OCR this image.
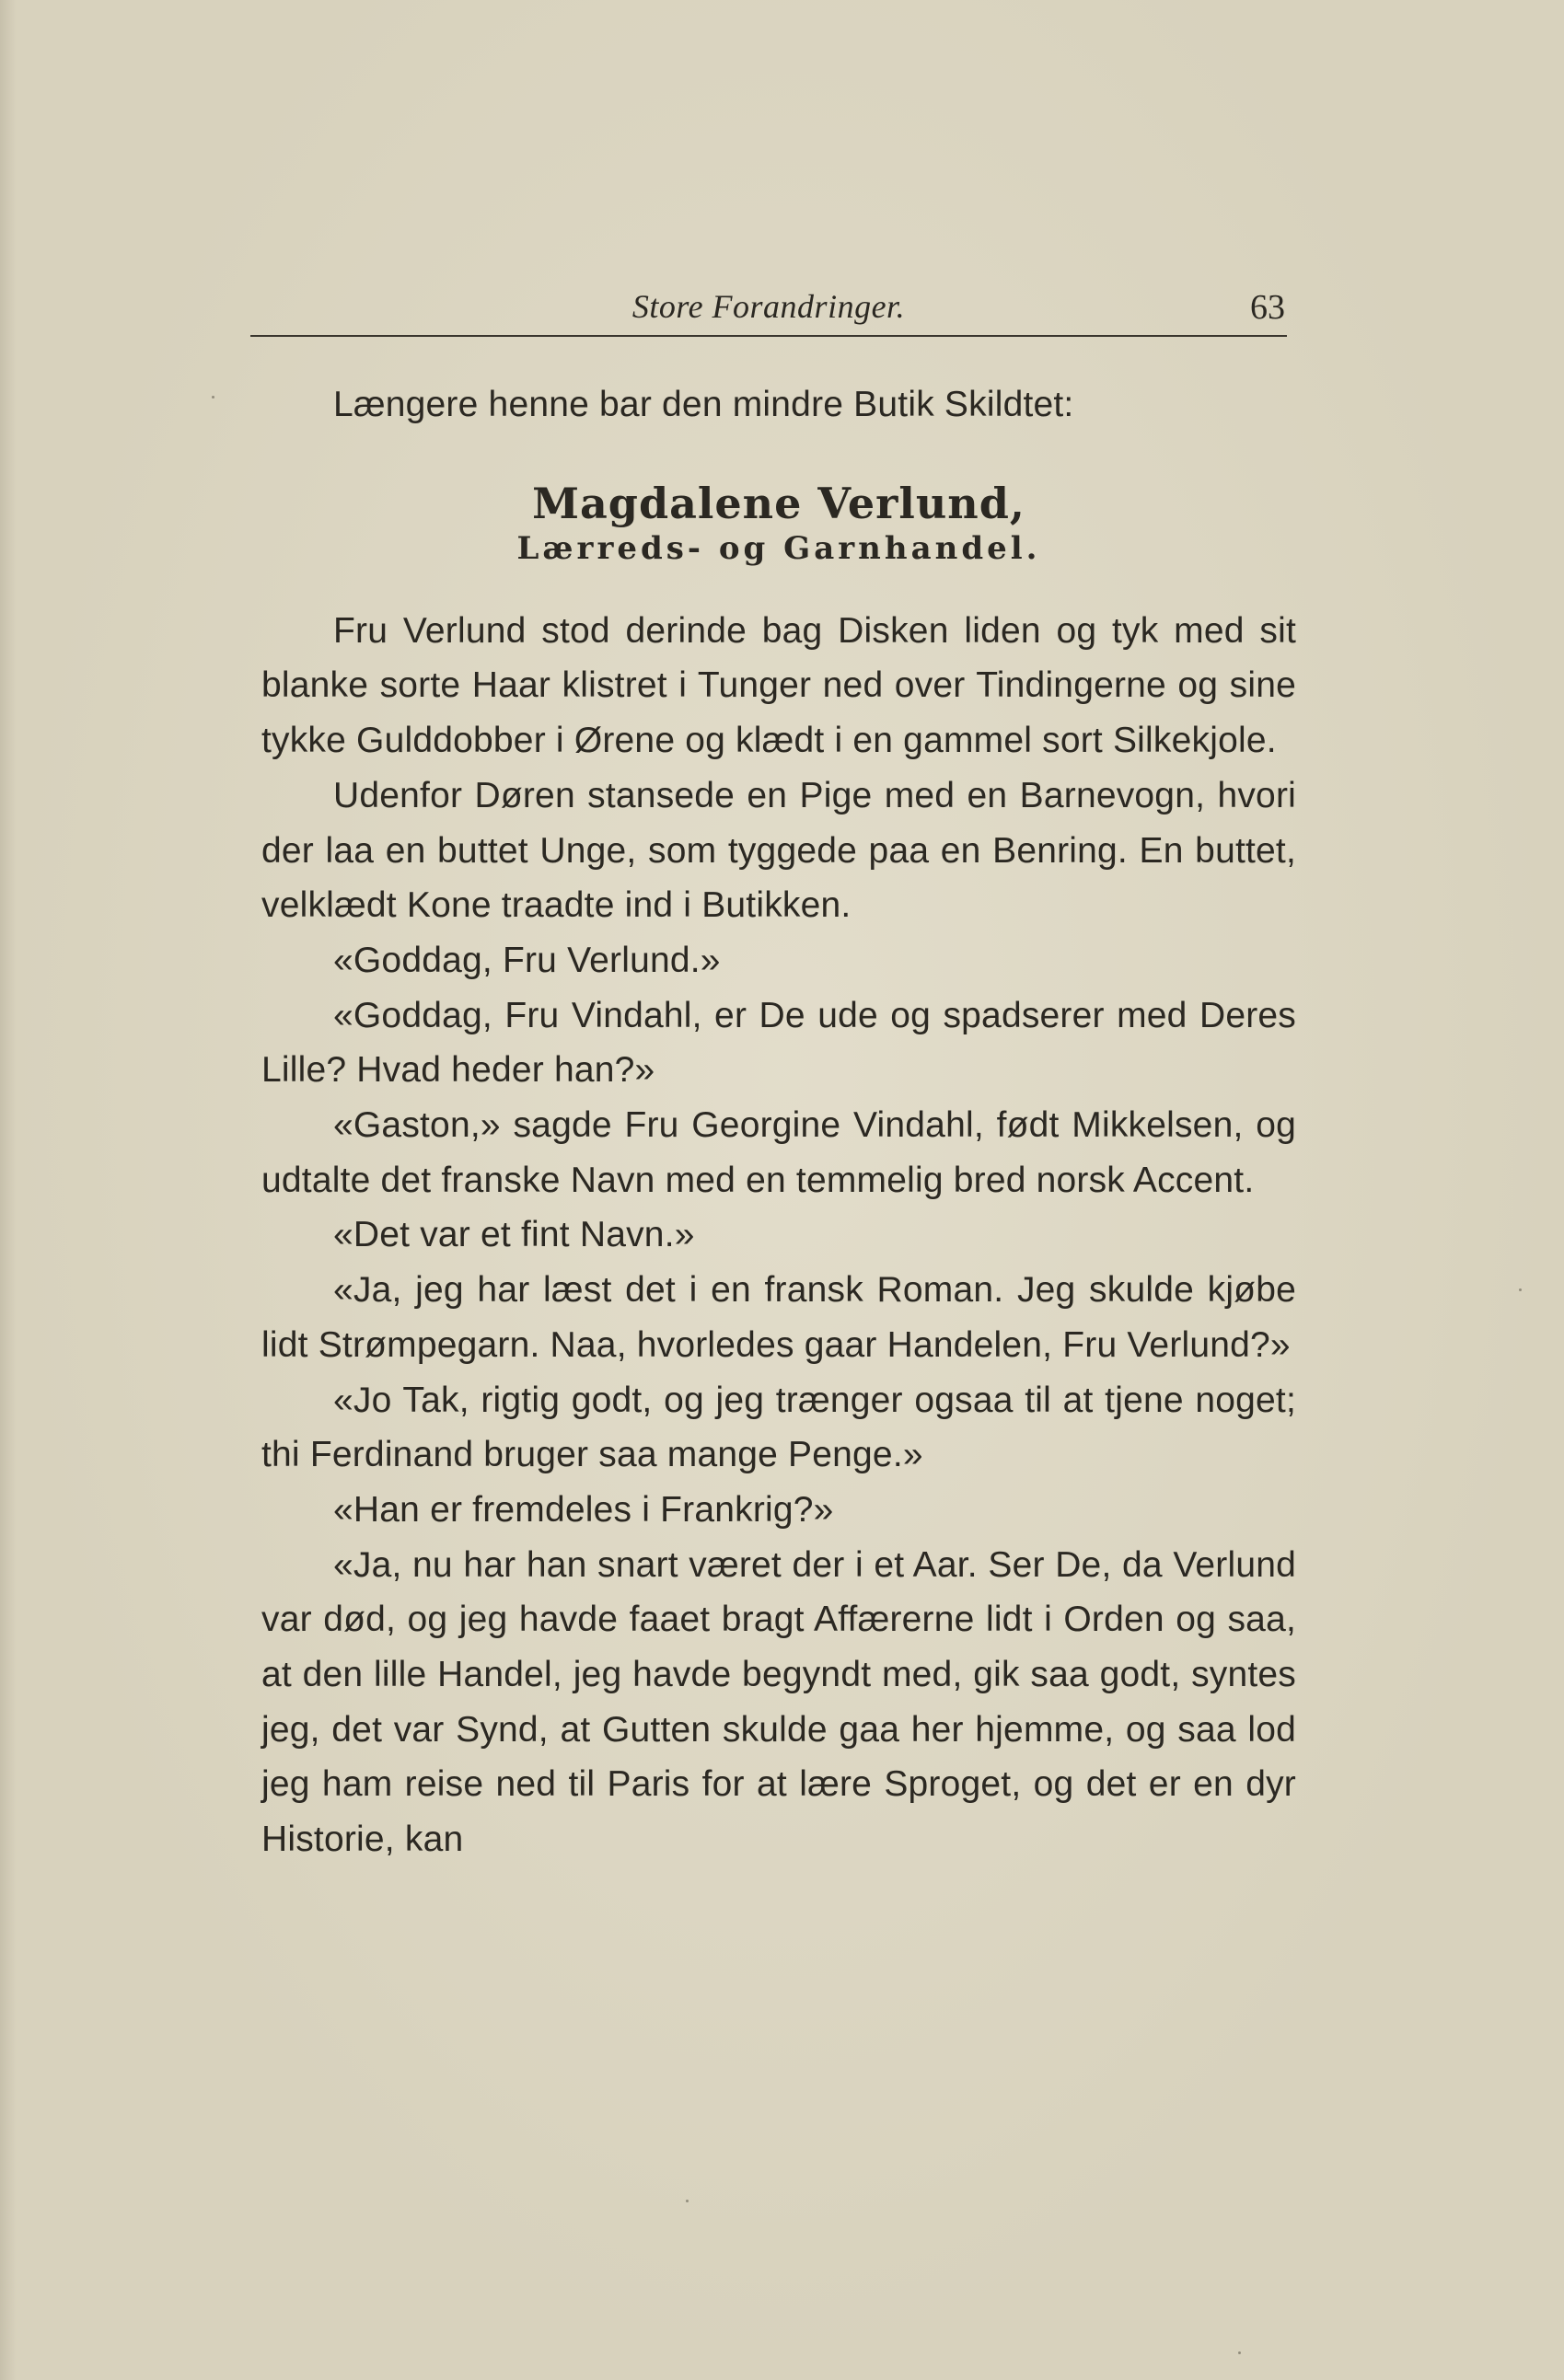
Store Forandringer.	63

Længere henne bar den mindre Butik Skildtet:

Magdalene Verlund,
Lærreds- og Garnhandel.

Fru Verlund stod derinde bag Disken liden og tyk med sit blanke sorte Haar klistret i Tunger ned over Tindingerne og sine tykke Gulddobber i Ørene og klædt i en gammel sort Silkekjole.

Udenfor Døren stansede en Pige med en Barnevogn, hvori der laa en buttet Unge, som tyggede paa en Benring. En buttet, velklædt Kone traadte ind i Butikken.

«Goddag, Fru Verlund.»

«Goddag, Fru Vindahl, er De ude og spadserer med Deres Lille? Hvad heder han?»

«Gaston,» sagde Fru Georgine Vindahl, født Mikkelsen, og udtalte det franske Navn med en temmelig bred norsk Accent.

«Det var et fint Navn.»

«Ja, jeg har læst det i en fransk Roman. Jeg skulde kjøbe lidt Strømpegarn. Naa, hvorledes gaar Handelen, Fru Verlund?»

«Jo Tak, rigtig godt, og jeg trænger ogsaa til at tjene noget; thi Ferdinand bruger saa mange Penge.»

«Han er fremdeles i Frankrig?»

«Ja, nu har han snart været der i et Aar. Ser De, da Verlund var død, og jeg havde faaet bragt Affærerne lidt i Orden og saa, at den lille Handel, jeg havde begyndt med, gik saa godt, syntes jeg, det var Synd, at Gutten skulde gaa her hjemme, og saa lod jeg ham reise ned til Paris for at lære Sproget, og det er en dyr Historie, kan
